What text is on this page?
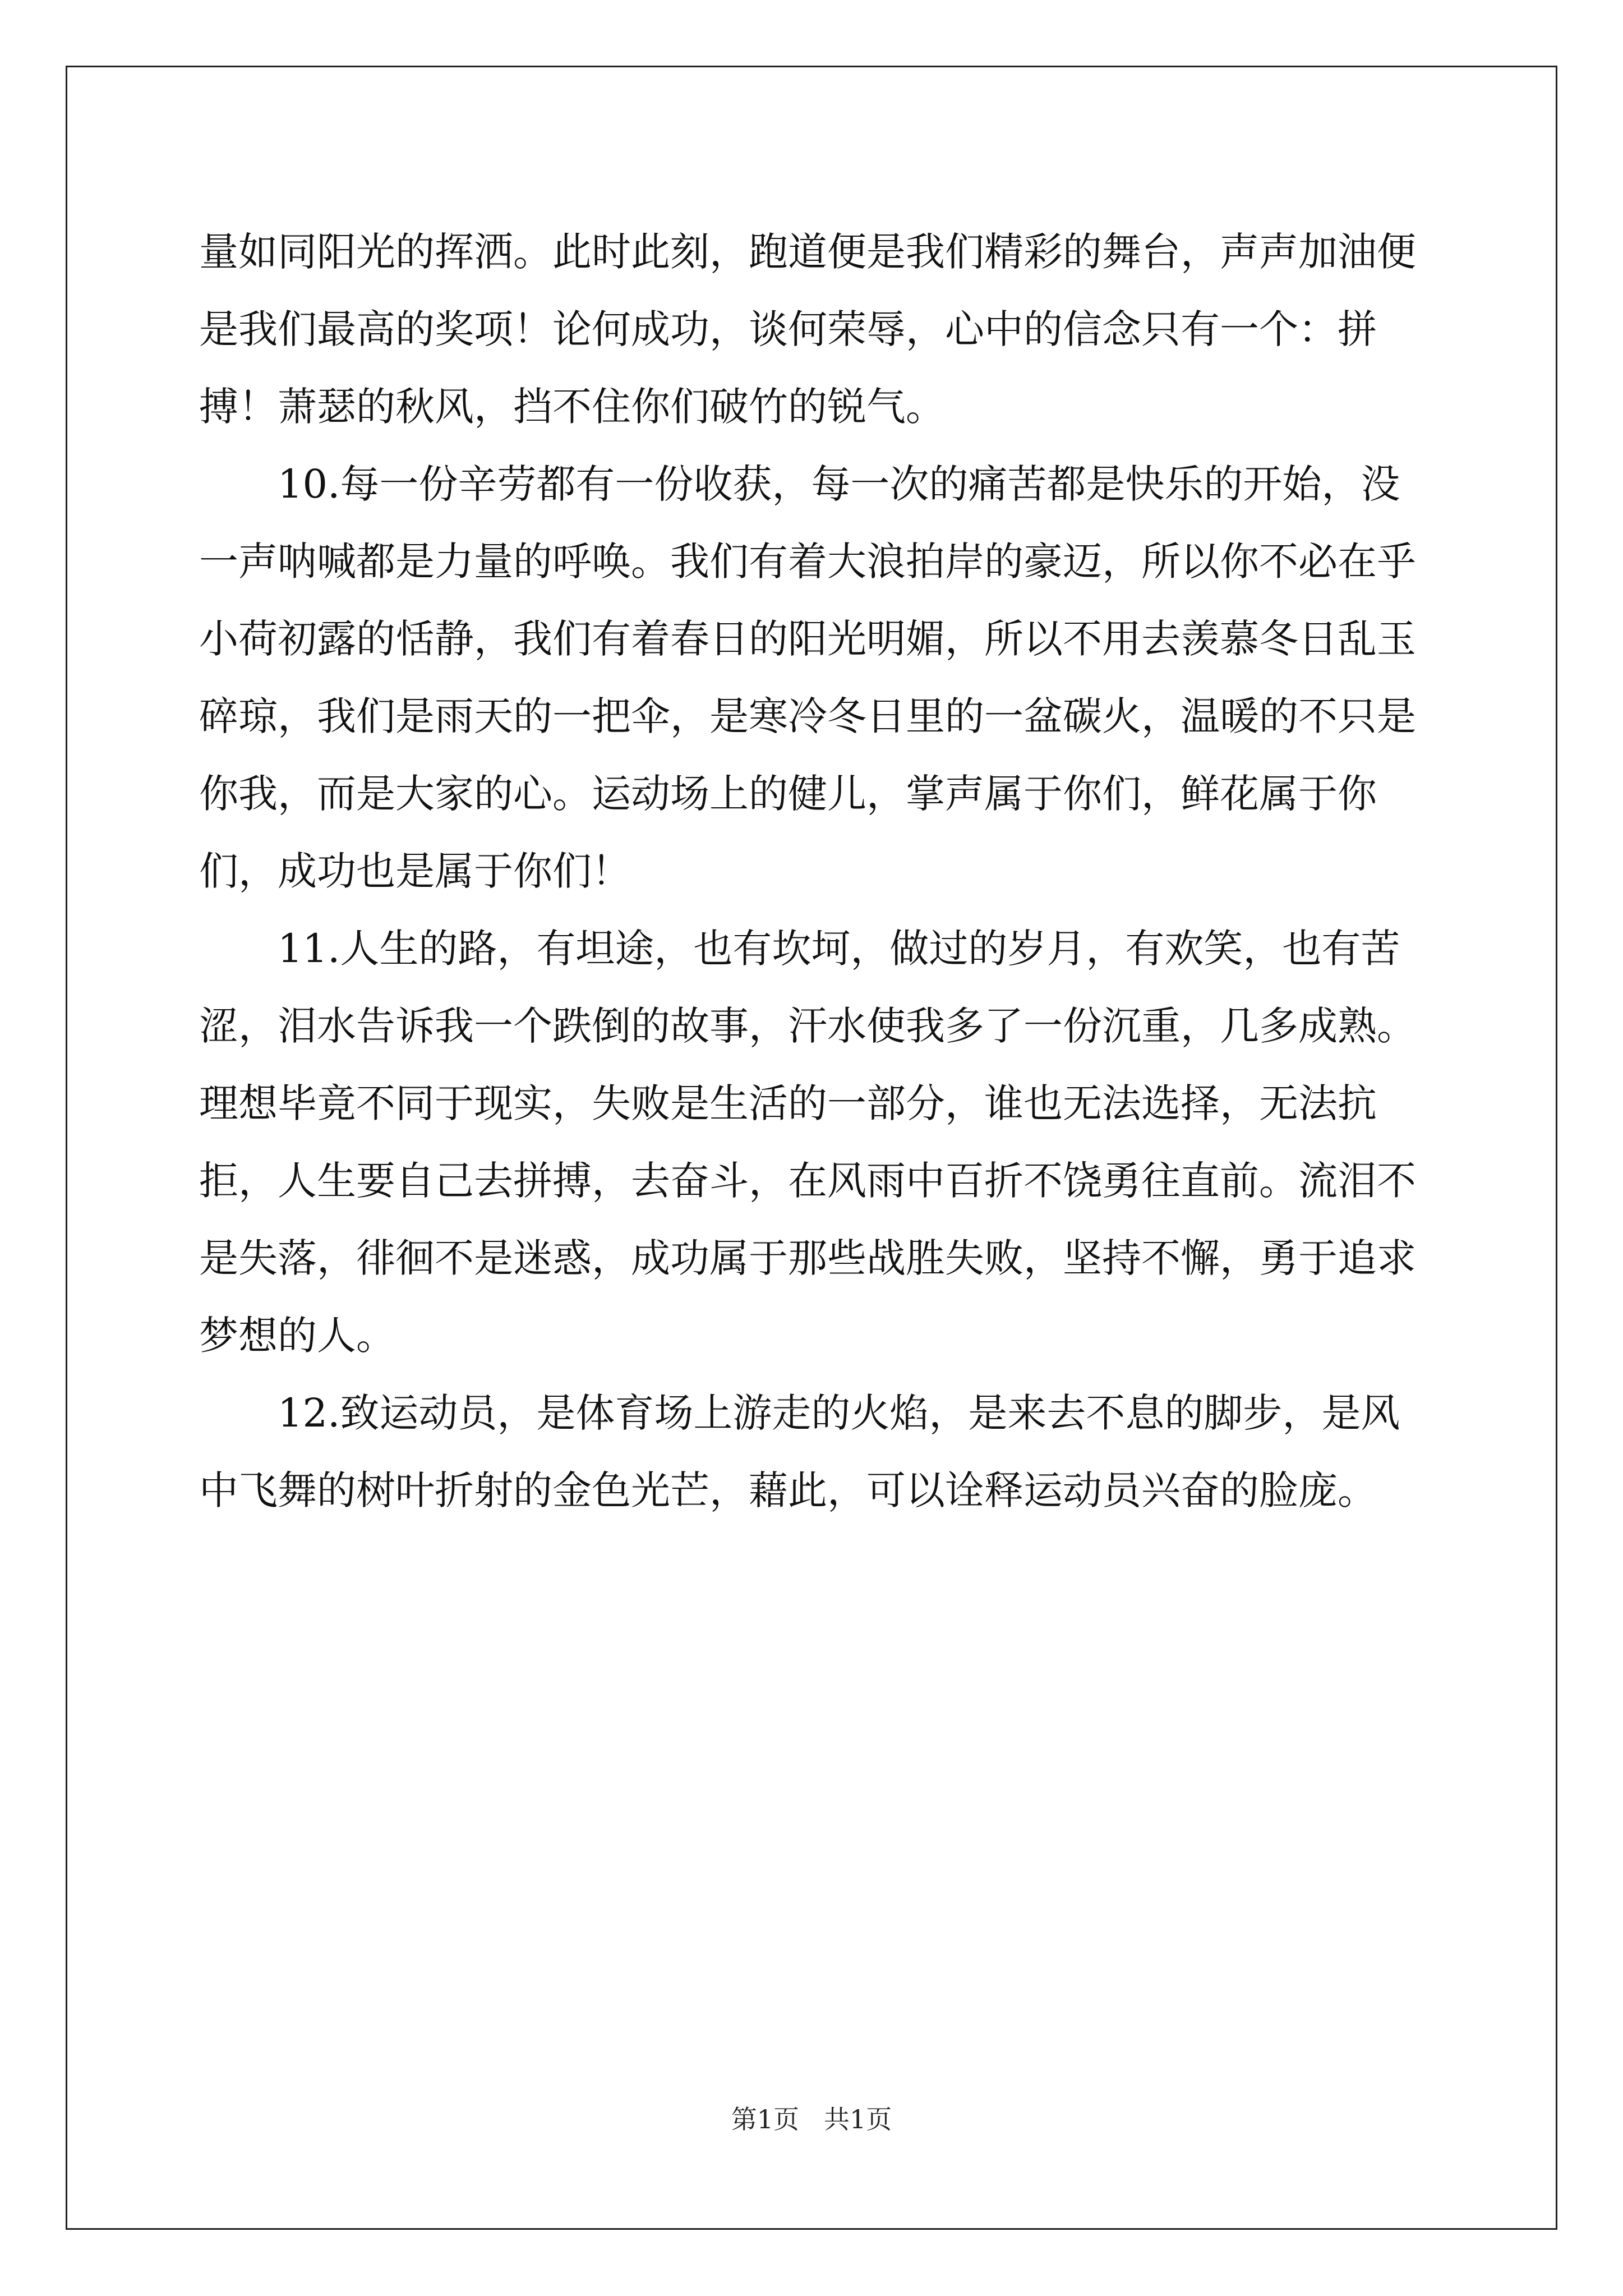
量如同阳光的挥洒。此时此刻，跑道便是我们精彩的舞台，声声加油便是我们最高的奖项！论何成功，谈何荣辱，心中的信念只有一个：拼搏！萧瑟的秋风，挡不住你们破竹的锐气。

10.每一份辛劳都有一份收获，每一次的痛苦都是快乐的开始，没一声呐喊都是力量的呼唤。我们有着大浪拍岸的豪迈，所以你不必在乎小荷初露的恬静，我们有着春日的阳光明媚，所以不用去羡慕冬日乱玉碎琼，我们是雨天的一把伞，是寒冷冬日里的一盆碳火，温暖的不只是你我，而是大家的心。运动场上的健儿，掌声属于你们，鲜花属于你们，成功也是属于你们！

11.人生的路，有坦途，也有坎坷，做过的岁月，有欢笑，也有苦涩，泪水告诉我一个跌倒的故事，汗水使我多了一份沉重，几多成熟。理想毕竟不同于现实，失败是生活的一部分，谁也无法选择，无法抗拒，人生要自己去拼搏，去奋斗，在风雨中百折不饶勇往直前。流泪不是失落，徘徊不是迷惑，成功属于那些战胜失败，坚持不懈，勇于追求梦想的人。

12.致运动员，是体育场上游走的火焰，是来去不息的脚步，是风中飞舞的树叶折射的金色光芒，藉此，可以诠释运动员兴奋的脸庞。

第1页 共1页
